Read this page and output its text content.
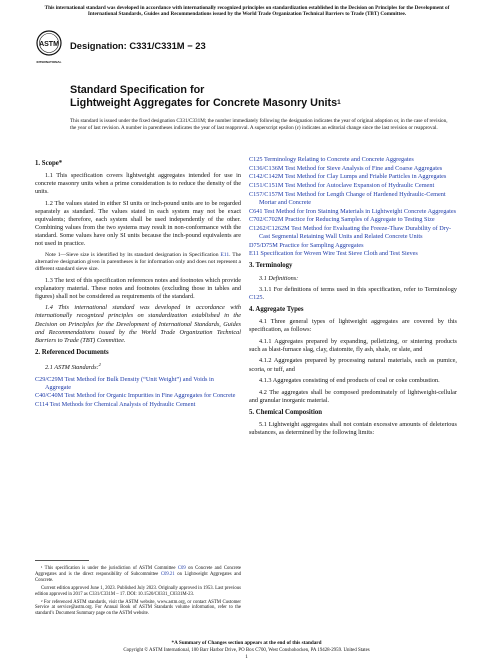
This international standard was developed in accordance with internationally recognized principles on standardization established in the Decision on Principles for the Development of International Standards, Guides and Recommendations issued by the World Trade Organization Technical Barriers to Trade (TBT) Committee.
ASTM
INTERNATIONAL
Designation: C331/C331M − 23
Standard Specification for
Lightweight Aggregates for Concrete Masonry Units$^1$
This standard is issued under the fixed designation C331/C331M; the number immediately following the designation indicates the year of original adoption or, in the case of revision, the year of last revision. A number in parentheses indicates the year of last reapproval. A superscript epsilon (ε) indicates an editorial change since the last revision or reapproval.
1. Scope*

1.1 This specification covers lightweight aggregates intended for use in concrete masonry units when a prime consideration is to reduce the density of the units.

1.2 The values stated in either SI units or inch-pound units are to be regarded separately as standard. The values stated in each system may not be exact equivalents; therefore, each system shall be used independently of the other. Combining values from the two systems may result in non-conformance with the standard. Some values have only SI units because the inch-pound equivalents are not used in practice.

Note 1—Sieve size is identified by its standard designation in Specification E11. The alternative designation given in parentheses is for information only and does not represent a different standard sieve size.

1.3 The text of this specification references notes and footnotes which provide explanatory material. These notes and footnotes (excluding those in tables and figures) shall not be considered as requirements of the standard.

1.4 This international standard was developed in accordance with internationally recognized principles on standardization established in the Decision on Principles for the Development of International Standards, Guides and Recommendations issued by the World Trade Organization Technical Barriers to Trade (TBT) Committee.

2. Referenced Documents

2.1 ASTM Standards:$^2$

C29/C29M Test Method for Bulk Density (“Unit Weight”) and Voids in Aggregate
C40/C40M Test Method for Organic Impurities in Fine Aggregates for Concrete
C114 Test Methods for Chemical Analysis of Hydraulic Cement
C125 Terminology Relating to Concrete and Concrete Aggregates
C136/C136M Test Method for Sieve Analysis of Fine and Coarse Aggregates
C142/C142M Test Method for Clay Lumps and Friable Particles in Aggregates
C151/C151M Test Method for Autoclave Expansion of Hydraulic Cement
C157/C157M Test Method for Length Change of Hardened Hydraulic-Cement Mortar and Concrete
C641 Test Method for Iron Staining Materials in Lightweight Concrete Aggregates
C702/C702M Practice for Reducing Samples of Aggregate to Testing Size
C1262/C1262M Test Method for Evaluating the Freeze-Thaw Durability of Dry-Cast Segmental Retaining Wall Units and Related Concrete Units
D75/D75M Practice for Sampling Aggregates
E11 Specification for Woven Wire Test Sieve Cloth and Test Sieves
3. Terminology

3.1 Definitions:

3.1.1 For definitions of terms used in this specification, refer to Terminology C125.

4. Aggregate Types

4.1 Three general types of lightweight aggregates are covered by this specification, as follows:

4.1.1 Aggregates prepared by expanding, pelletizing, or sintering products such as blast-furnace slag, clay, diatomite, fly ash, shale, or slate, and

4.1.2 Aggregates prepared by processing natural materials, such as pumice, scoria, or tuff, and

4.1.3 Aggregates consisting of end products of coal or coke combustion.

4.2 The aggregates shall be composed predominately of lightweight-cellular and granular inorganic material.

5. Chemical Composition

5.1 Lightweight aggregates shall not contain excessive amounts of deleterious substances, as determined by the following limits:

¹ This specification is under the jurisdiction of ASTM Committee C09 on Concrete and Concrete Aggregates and is the direct responsibility of Subcommittee C09.21 on Lightweight Aggregates and Concrete.

Current edition approved June 1, 2023. Published July 2023. Originally approved in 1953. Last previous edition approved in 2017 as C331/C331M – 17. DOI: 10.1520/C0331_C0331M-23.

² For referenced ASTM standards, visit the ASTM website, www.astm.org, or contact ASTM Customer Service at service@astm.org. For Annual Book of ASTM Standards volume information, refer to the standard’s Document Summary page on the ASTM website.

*A Summary of Changes section appears at the end of this standard
Copyright © ASTM International, 100 Barr Harbor Drive, PO Box C700, West Conshohocken, PA 19428-2959. United States
1
